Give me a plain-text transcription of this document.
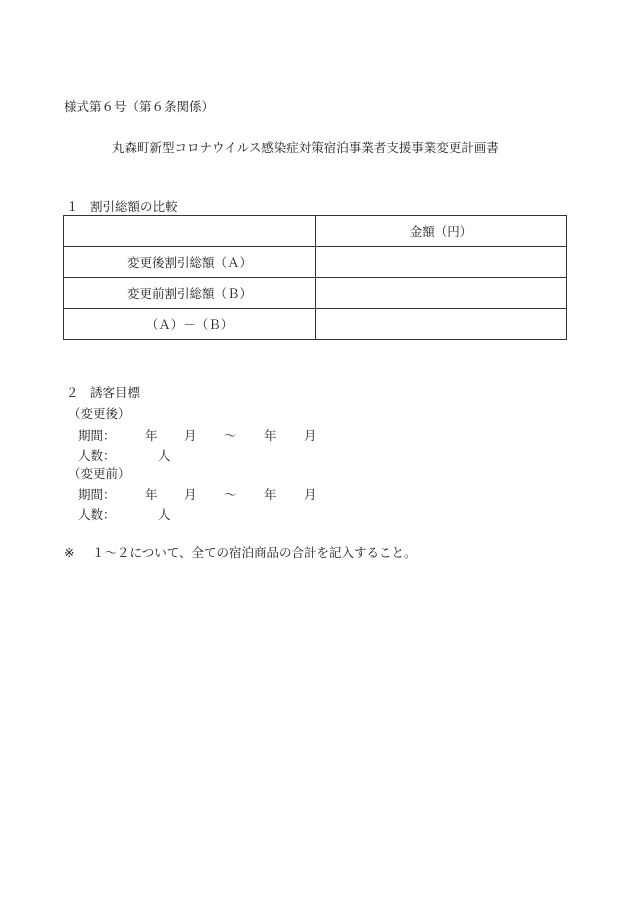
様式第６号（第６条関係）
丸森町新型コロナウイルス感染症対策宿泊事業者支援事業変更計画書
１ 割引総額の比較
	金額（円）
変更後割引総額（Ａ）	
変更前割引総額（Ｂ）	
（Ａ）－（Ｂ）	
２ 誘客目標
（変更後）
期間： 年 月 ～ 年 月
人数：	人
（変更前）
期間： 年 月 ～ 年 月
人数：	人
※ １～２について、全ての宿泊商品の合計を記入すること。
